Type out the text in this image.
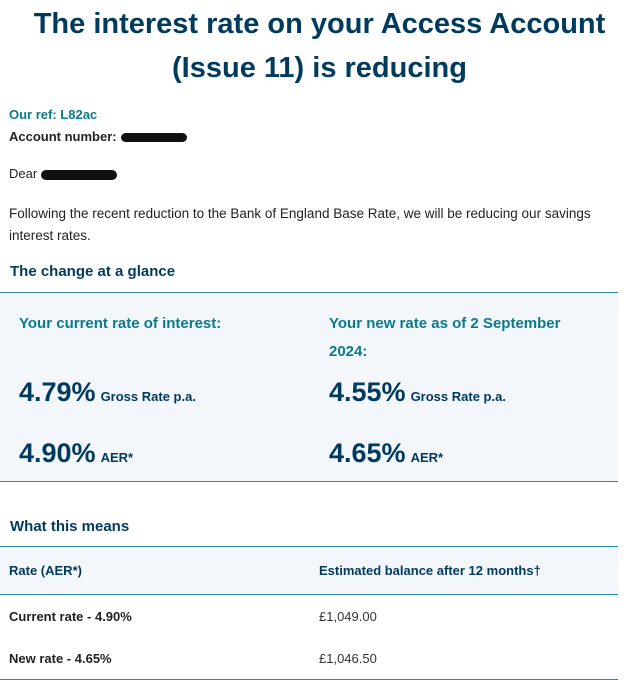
The interest rate on your Access Account
(Issue 11) is reducing
Our ref: L82ac
Account number:
Dear

Following the recent reduction to the Bank of England Base Rate, we will be reducing our savings interest rates.

The change at a glance
Your current rate of interest:
4.79% Gross Rate p.a.
4.90% AER*
Your new rate as of 2 September 2024:
4.55% Gross Rate p.a.
4.65% AER*
What this means
Rate (AER*)	Estimated balance after 12 months†
Current rate - 4.90%	£1,049.00
New rate - 4.65%	£1,046.50
